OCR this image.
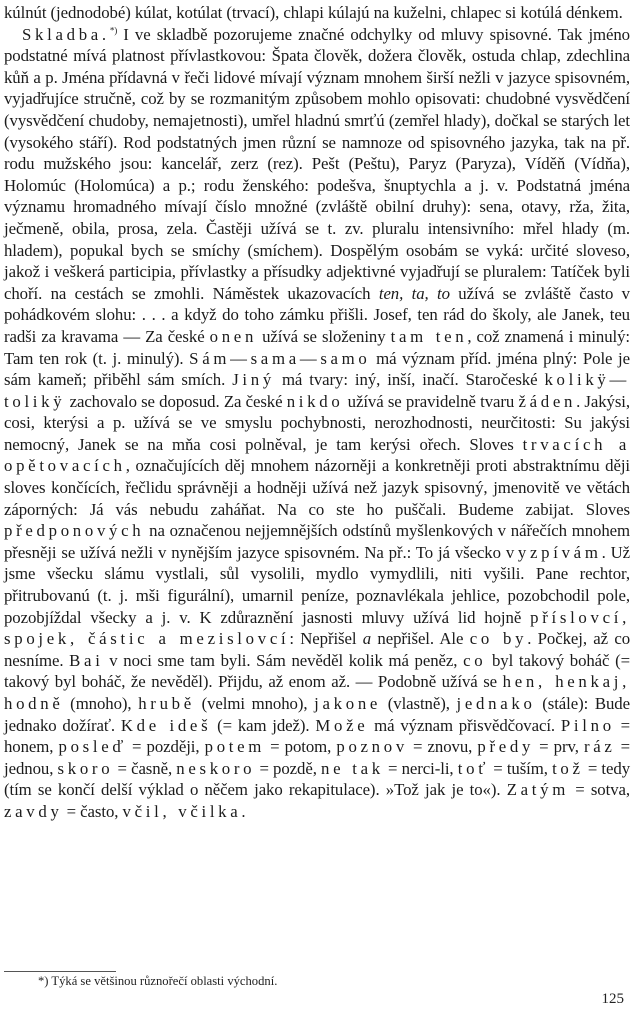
kúlnút (jednodobé) kúlat, kotúlat (trvací), chlapi kúlajú na kuželni, chlapec si kotúlá dénkem.

Skladba.*) I ve skladbě pozorujeme značné odchylky od mluvy spisovné. Tak jméno podstatné mívá platnost přívlastkovou: Špata člověk, dožera člověk, ostuda chlap, zdechlina kůň a p. Jména přídavná v řeči lidové mívají význam mnohem širší nežli v jazyce spisovném, vyjadřujíce stručně, což by se rozmanitým způsobem mohlo opisovati: chudobné vysvědčení (vysvědčení chudoby, nemajetnosti), umřel hladnú smrťú (zemřel hlady), dočkal se starých let (vysokého stáří). Rod podstatných jmen různí se namnoze od spisovného jazyka, tak na př. rodu mužského jsou: kancelář, zerz (rez). Pešt (Peštu), Paryz (Paryza), Víděň (Vídňa), Holomúc (Holomúca) a p.; rodu ženského: podešva, šnuptychla a j. v. Podstatná jména významu hromadného mívají číslo množné (zvláště obilní druhy): sena, otavy, rža, žita, ječmeně, obila, prosa, zela. Častěji užívá se t. zv. pluralu intensivního: mřel hlady (m. hladem), popukal bych se smíchy (smíchem). Dospělým osobám se vyká: určité sloveso, jakož i veškerá participia, přívlastky a přísudky adjektivné vyjadřují se pluralem: Tatíček byli choří. na cestách se zmohli. Náměstek ukazovacích ten, ta, to užívá se zvláště často v pohádkovém slohu: . . . a když do toho zámku přišli. Josef, ten rád do školy, ale Janek, teu radši za kravama — Za české onen užívá se složeniny tam ten, což znamená i minulý: Tam ten rok (t. j. minulý). Sám—sama—samo má význam příd. jména plný: Pole je sám kameň; přiběhl sám smích. Jiný má tvary: iný, inší, inačí. Staročeské kolikÿ—tolikÿ zachovalo se doposud. Za české nikdo užívá se pravidelně tvaru žáden. Jakýsi, cosi, kterýsi a p. užívá se ve smyslu pochybnosti, nerozhodnosti, neurčitosti: Su jakýsi nemocný, Janek se na mňa cosi polněval, je tam kerýsi ořech. Sloves trvacích a opětovacích, označujících děj mnohem názorněji a konkretněji proti abstraktnímu ději sloves končících, řečlidu správněji a hodněji užívá než jazyk spisovný, jmenovitě ve větách záporných: Já vás nebudu zaháňat. Na co ste ho puščali. Budeme zabijat. Sloves předponových na označenou nejjemnějších odstínů myšlenkových v nářečích mnohem přesněji se užívá nežli v nynějším jazyce spisovném. Na př.: To já všecko vyzpívám. Už jsme všecku slámu vystlali, sůl vysolili, mydlo vymydlili, niti vyšili. Pane rechtor, přitrubovanú (t. j. mši figurální), umarnil peníze, poznavlékala jehlice, pozobchodil pole, pozobjíždal všecky a j. v. K zdůraznění jasnosti mluvy užívá lid hojně příslovcí, spojek, částic a mezislovcí: Nepřišel a nepřišel. Ale co by. Počkej, až co nesníme. Bai v noci sme tam byli. Sám nevěděl kolik má peněz, co byl takový boháč (= takový byl boháč, že nevěděl). Přijdu, až enom až. — Podobně užívá se hen, henkaj, hodně (mnoho), hrubě (velmi mnoho), jakone (vlastně), jednako (stále): Bude jednako dožírať. Kde ideš (= kam jdež). Može má význam přisvědčovací. Pilno = honem, posleď = později, potem = potom, poznov = znovu, předy = prv, ráz = jednou, skoro = časně, neskoro = pozdě, ne tak = nerci-li, toť = tuším, tož = tedy (tím se končí delší výklad o něčem jako rekapitulace). »Tož jak je to«). Zatým = sotva, zavdy = často, včil, včilka.

*) Týká se většinou různořečí oblasti východní.
125
